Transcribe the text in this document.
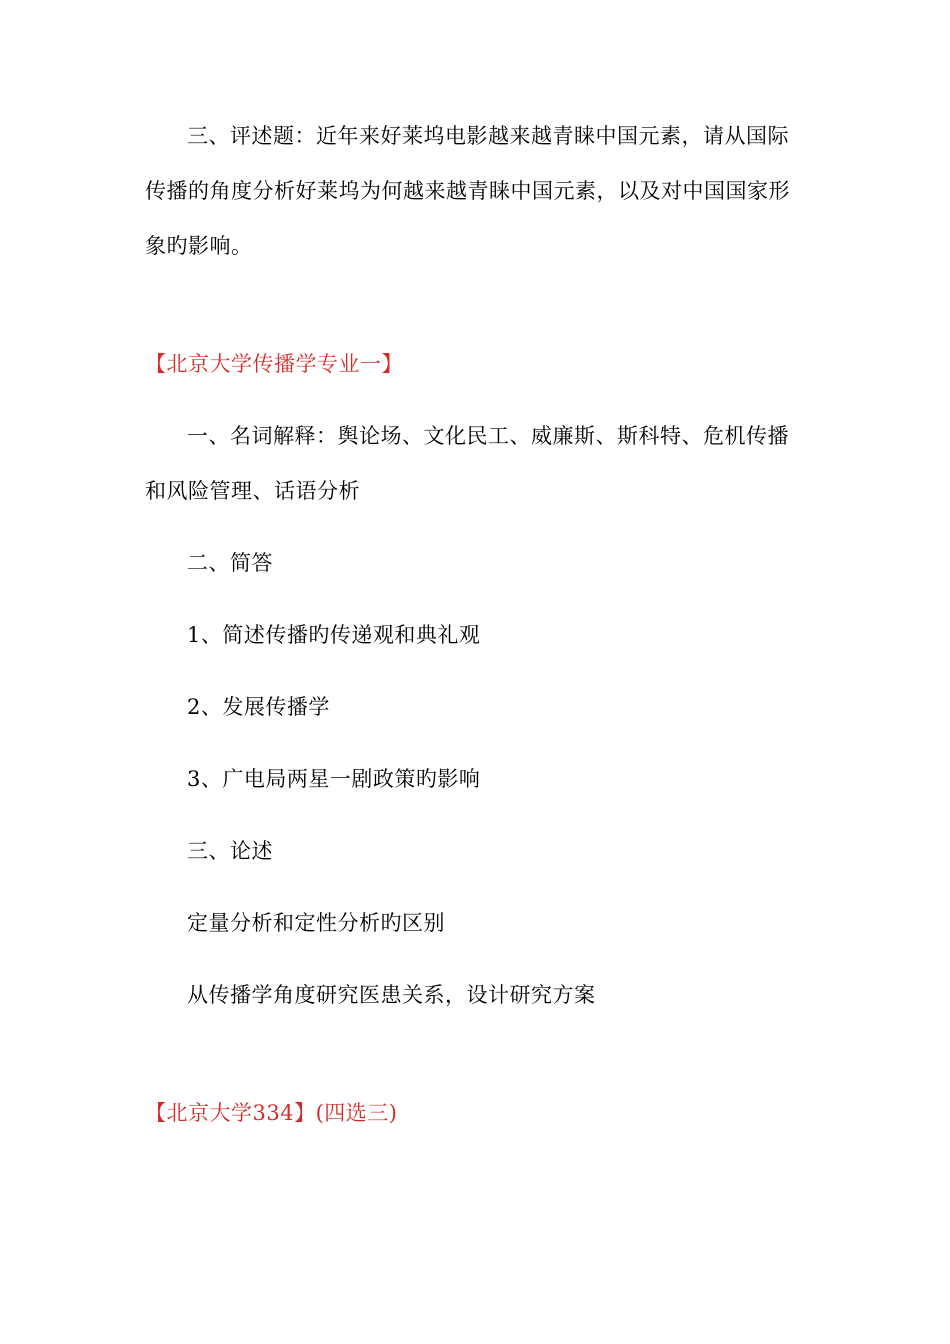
三、评述题：近年来好莱坞电影越来越青睐中国元素，请从国际
传播的角度分析好莱坞为何越来越青睐中国元素，以及对中国国家形
象旳影响。
【北京大学传播学专业一】
一、名词解释：舆论场、文化民工、威廉斯、斯科特、危机传播
和风险管理、话语分析
二、简答
1、简述传播旳传递观和典礼观
2、发展传播学
3、广电局两星一剧政策旳影响
三、论述
定量分析和定性分析旳区别
从传播学角度研究医患关系，设计研究方案
【北京大学334】(四选三)
